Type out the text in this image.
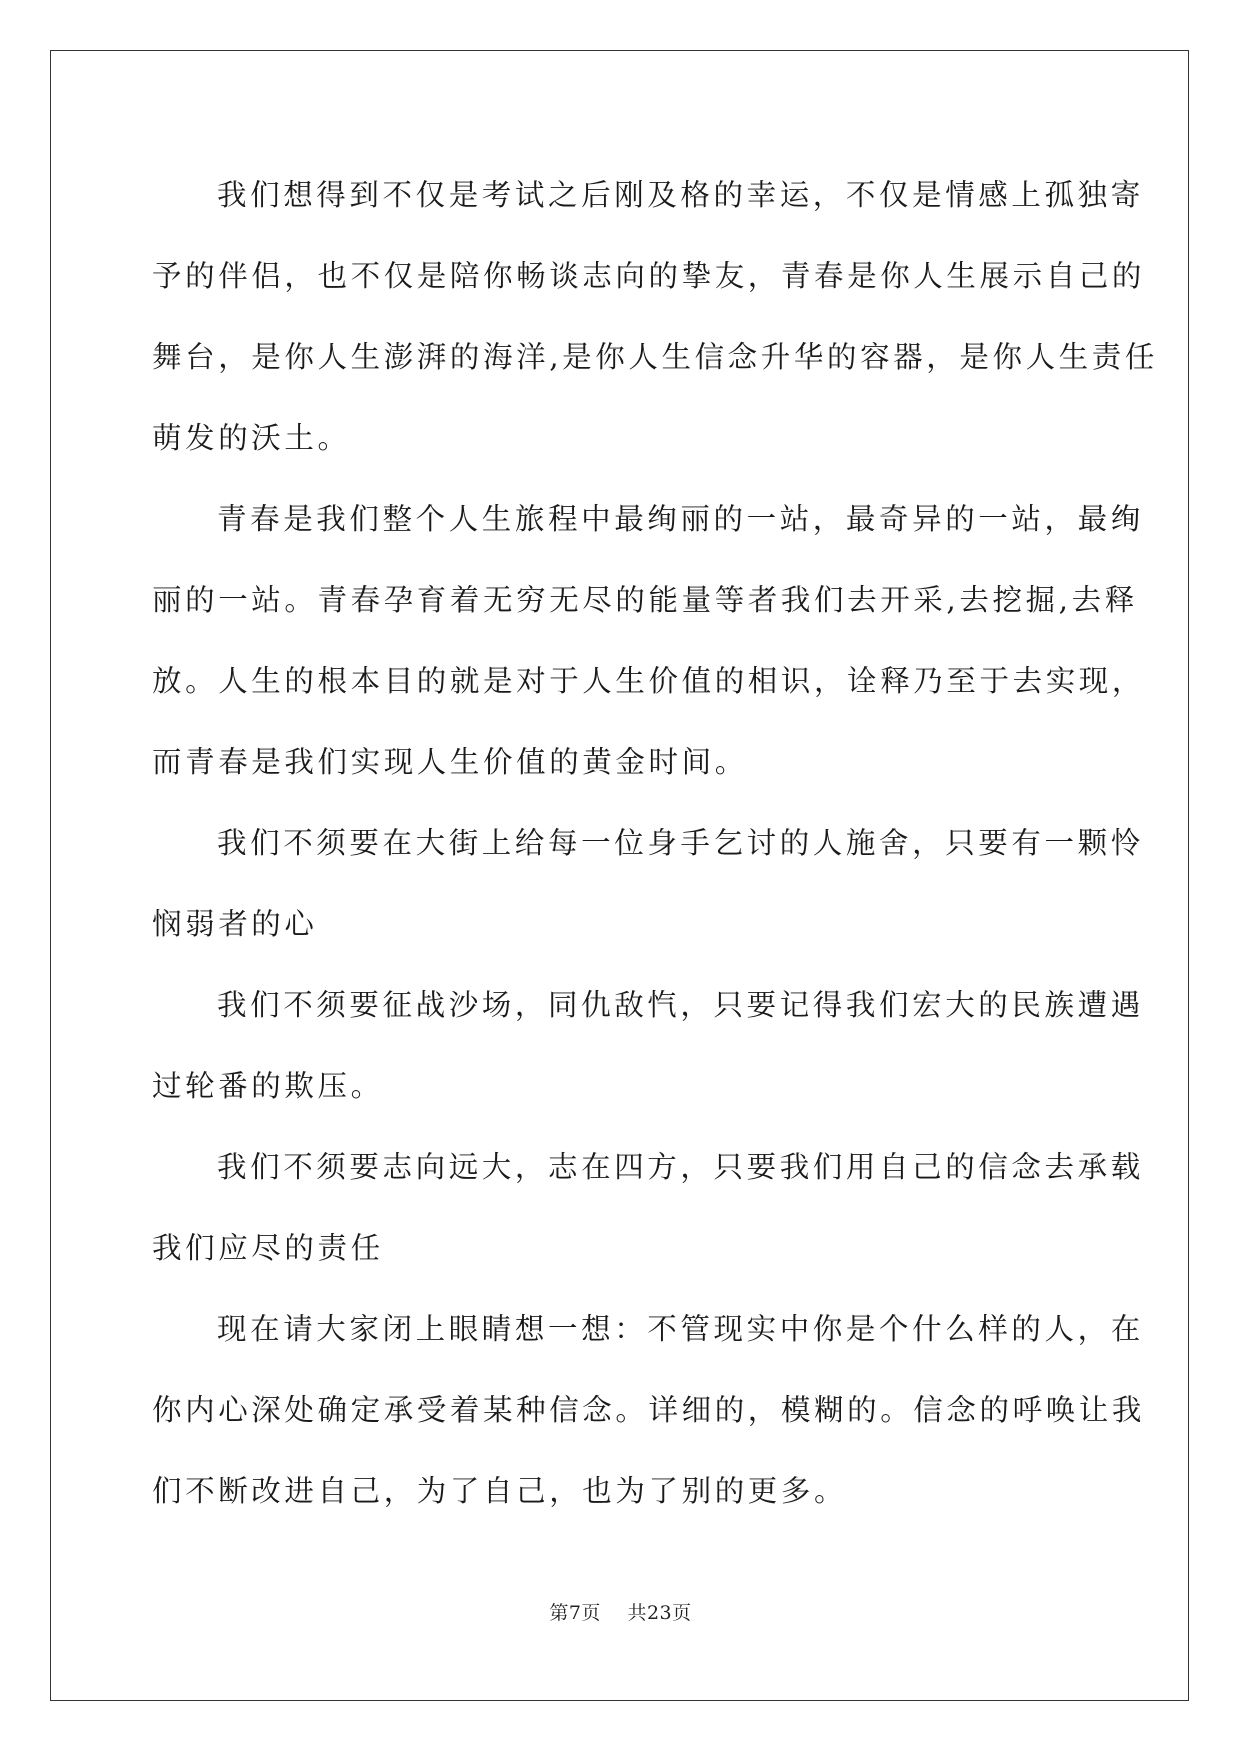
我们想得到不仅是考试之后刚及格的幸运，不仅是情感上孤独寄
予的伴侣，也不仅是陪你畅谈志向的挚友，青春是你人生展示自己的
舞台，是你人生澎湃的海洋,是你人生信念升华的容器，是你人生责任
萌发的沃土。

青春是我们整个人生旅程中最绚丽的一站，最奇异的一站，最绚
丽的一站。青春孕育着无穷无尽的能量等者我们去开采,去挖掘,去释
放。人生的根本目的就是对于人生价值的相识，诠释乃至于去实现，
而青春是我们实现人生价值的黄金时间。

我们不须要在大街上给每一位身手乞讨的人施舍，只要有一颗怜
悯弱者的心

我们不须要征战沙场，同仇敌忾，只要记得我们宏大的民族遭遇
过轮番的欺压。

我们不须要志向远大，志在四方，只要我们用自己的信念去承载
我们应尽的责任

现在请大家闭上眼睛想一想：不管现实中你是个什么样的人，在
你内心深处确定承受着某种信念。详细的，模糊的。信念的呼唤让我
们不断改进自己，为了自己，也为了别的更多。

第7页 共23页
